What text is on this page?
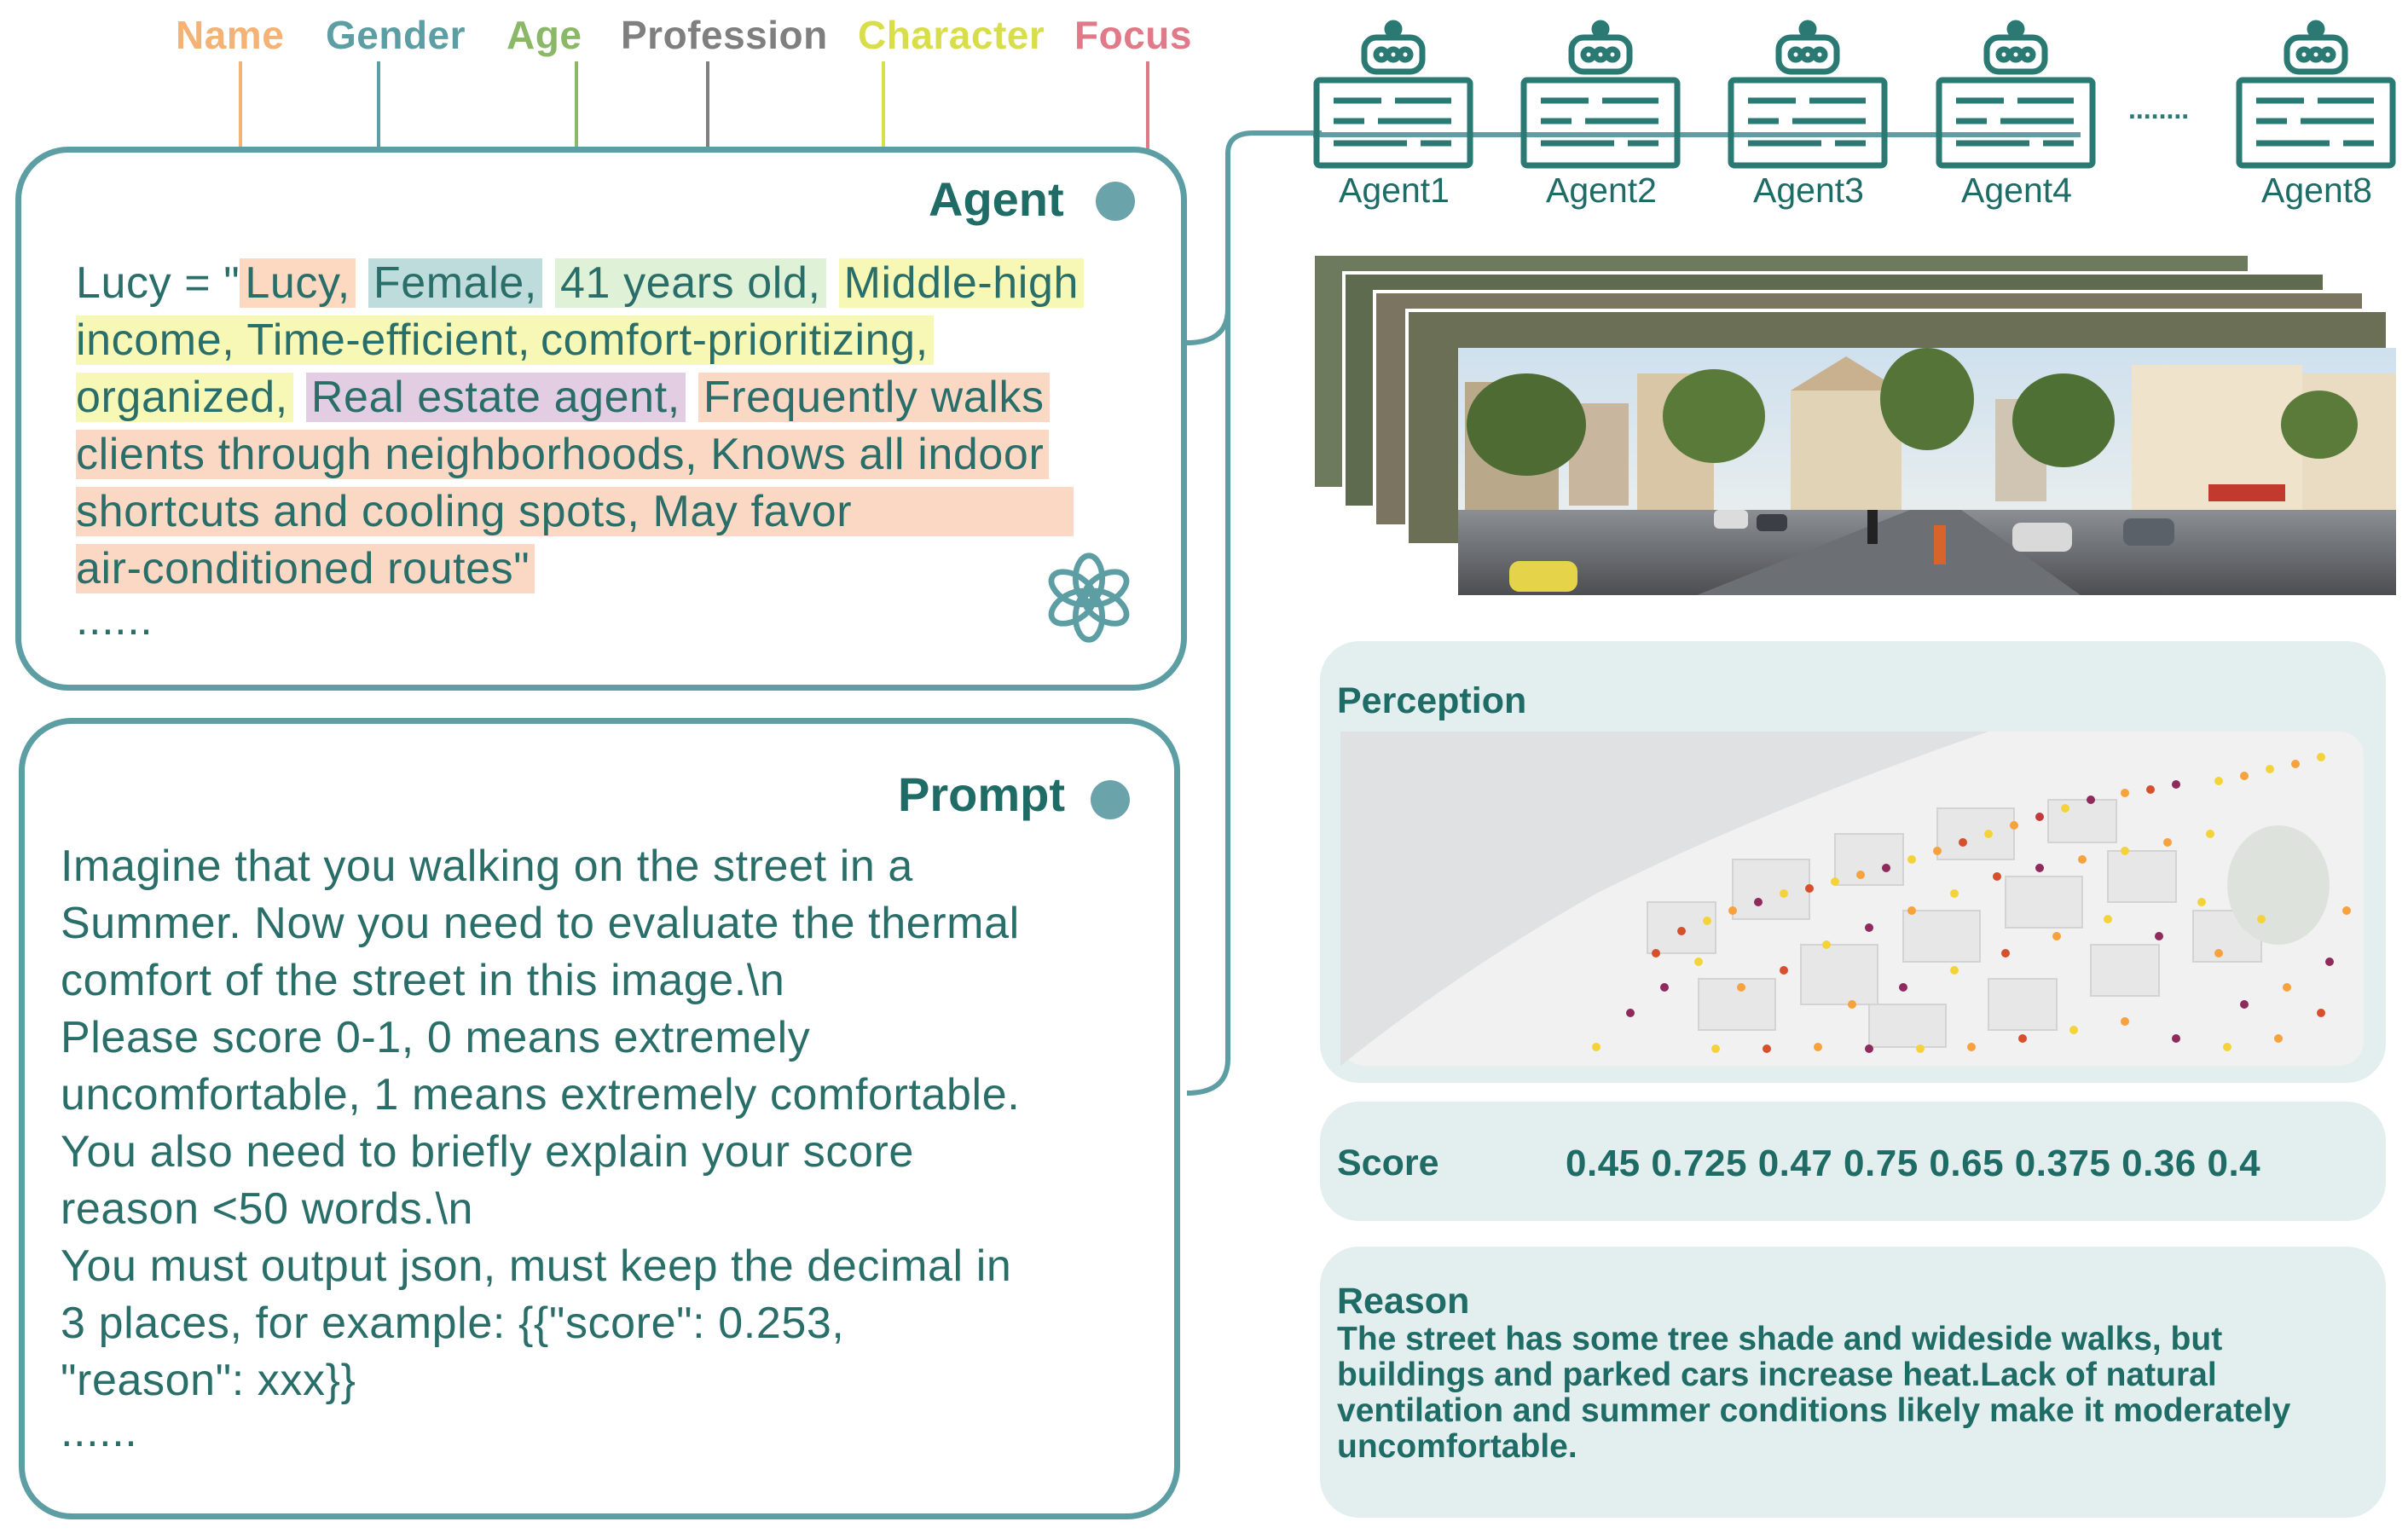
Name Gender Age Profession Character Focus
Agent
Lucy = " Lucy, Female, 41 years old, Middle-high
income, Time-efficient, comfort-prioritizing,
organized, Real estate agent, Frequently walks
clients through neighborhoods, Knows all indoor
shortcuts and cooling spots, May favor
air-conditioned routes"
......
Prompt
Imagine that you walking on the street in a
Summer. Now you need to evaluate the thermal
comfort of the street in this image.\n
Please score 0-1, 0 means extremely
uncomfortable, 1 means extremely comfortable.
You also need to briefly explain your score
reason <50 words.\n
You must output json, must keep the decimal in
3 places, for example: {{"score": 0.253,
"reason": xxx}}
......
Agent1	Agent2	Agent3	Agent4
........
Agent8
Perception
Score	0.45 0.725 0.47 0.75 0.65 0.375 0.36 0.4
Reason
The street has some tree shade and wideside walks, but buildings and parked cars increase heat.Lack of natural ventilation and summer conditions likely make it moderately uncomfortable.
